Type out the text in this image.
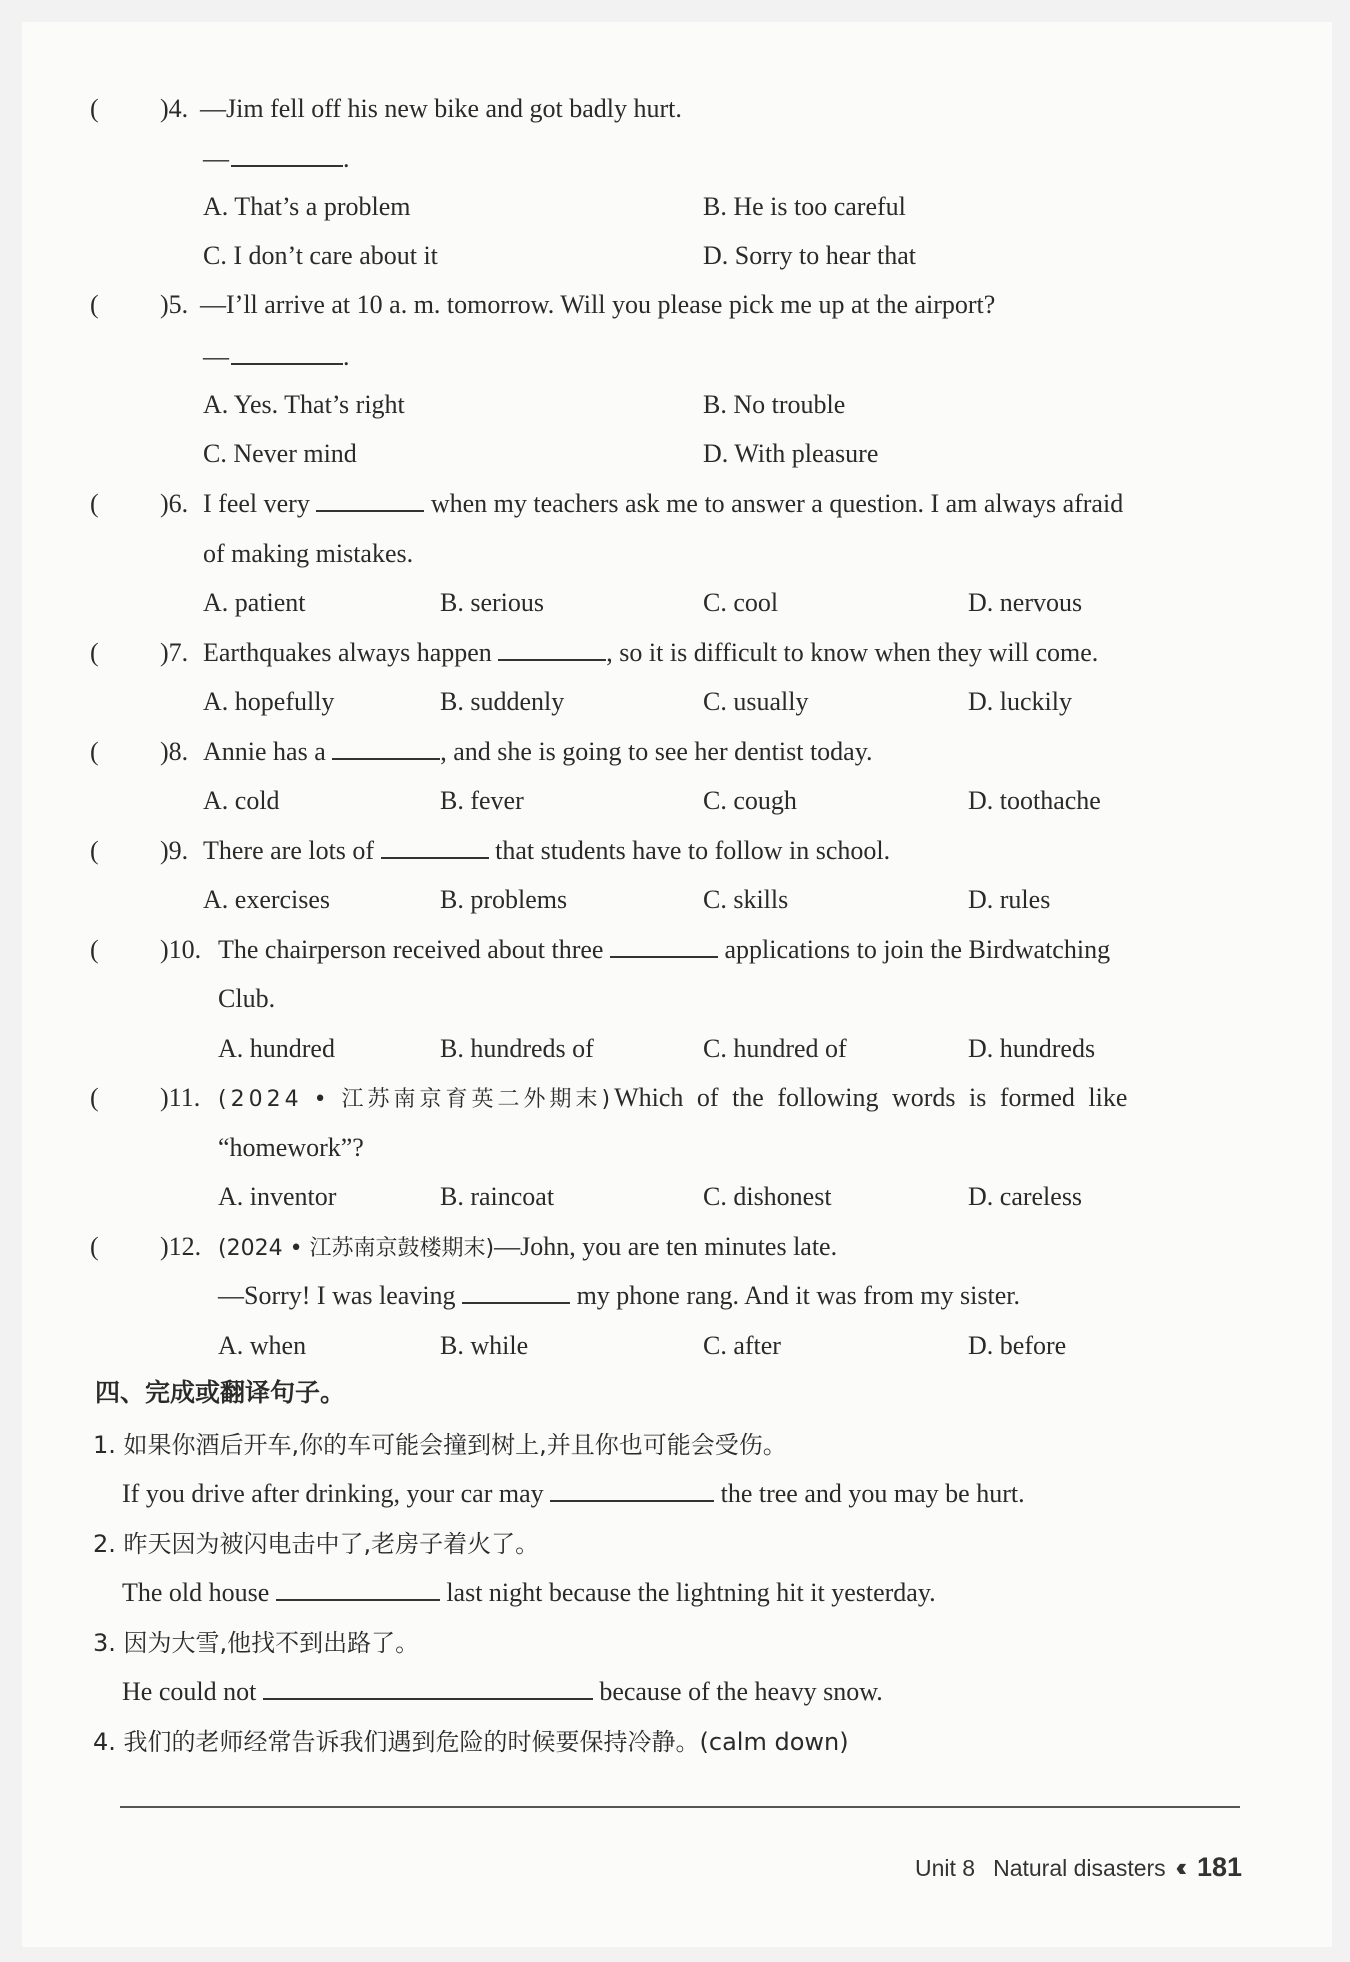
( )4. —Jim fell off his new bike and got badly hurt.
—	.
A. That’s a problem	B. He is too careful
C. I don’t care about it	D. Sorry to hear that
( )5. —I’ll arrive at 10 a. m. tomorrow. Will you please pick me up at the airport?
—	.
A. Yes. That’s right	B. No trouble
C. Never mind	D. With pleasure
( )6. I feel very	when my teachers ask me to answer a question. I am always afraid
of making mistakes.
A. patient	B. serious	C. cool	D. nervous
( )7. Earthquakes always happen	, so it is difficult to know when they will come.
A. hopefully	B. suddenly	C. usually	D. luckily
( )8. Annie has a	, and she is going to see her dentist today.
A. cold	B. fever	C. cough	D. toothache
( )9. There are lots of	that students have to follow in school.
A. exercises	B. problems	C. skills	D. rules
( )10. The chairperson received about three	applications to join the Birdwatching
Club.
A. hundred	B. hundreds of	C. hundred of	D. hundreds
( )11. (2024 • 江苏南京育英二外期末)Which of the following words is formed like
“homework”?
A. inventor	B. raincoat	C. dishonest	D. careless
( )12. (2024 • 江苏南京鼓楼期末)—John, you are ten minutes late.
—Sorry! I was leaving	my phone rang. And it was from my sister.
A. when	B. while	C. after	D. before
四、完成或翻译句子。
1. 如果你酒后开车,你的车可能会撞到树上,并且你也可能会受伤。
If you drive after drinking, your car may	the tree and you may be hurt.
2. 昨天因为被闪电击中了,老房子着火了。
The old house	last night because the lightning hit it yesterday.
3. 因为大雪,他找不到出路了。
He could not	because of the heavy snow.
4. 我们的老师经常告诉我们遇到危险的时候要保持冷静。(calm down)
Unit 8 Natural disasters ‹‹ 181
